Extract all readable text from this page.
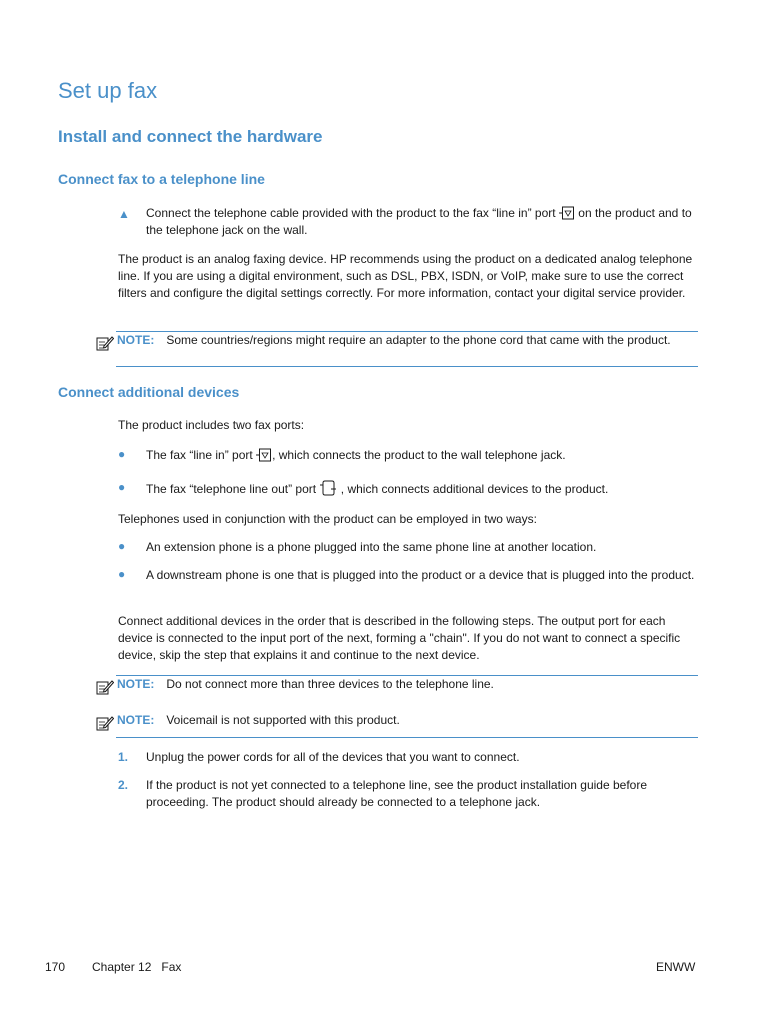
Set up fax
Install and connect the hardware
Connect fax to a telephone line
▲ Connect the telephone cable provided with the product to the fax “line in” port on the product and to the telephone jack on the wall.
The product is an analog faxing device. HP recommends using the product on a dedicated analog telephone line. If you are using a digital environment, such as DSL, PBX, ISDN, or VoIP, make sure to use the correct filters and configure the digital settings correctly. For more information, contact your digital service provider.
NOTE: Some countries/regions might require an adapter to the phone cord that came with the product.
Connect additional devices
The product includes two fax ports:
● The fax “line in” port , which connects the product to the wall telephone jack.
● The fax “telephone line out” port , which connects additional devices to the product.
Telephones used in conjunction with the product can be employed in two ways:
● An extension phone is a phone plugged into the same phone line at another location.
● A downstream phone is one that is plugged into the product or a device that is plugged into the product.
Connect additional devices in the order that is described in the following steps. The output port for each device is connected to the input port of the next, forming a "chain". If you do not want to connect a specific device, skip the step that explains it and continue to the next device.
NOTE: Do not connect more than three devices to the telephone line.
NOTE: Voicemail is not supported with this product.
1. Unplug the power cords for all of the devices that you want to connect.
2. If the product is not yet connected to a telephone line, see the product installation guide before proceeding. The product should already be connected to a telephone jack.
170 Chapter 12   Fax	ENWW
